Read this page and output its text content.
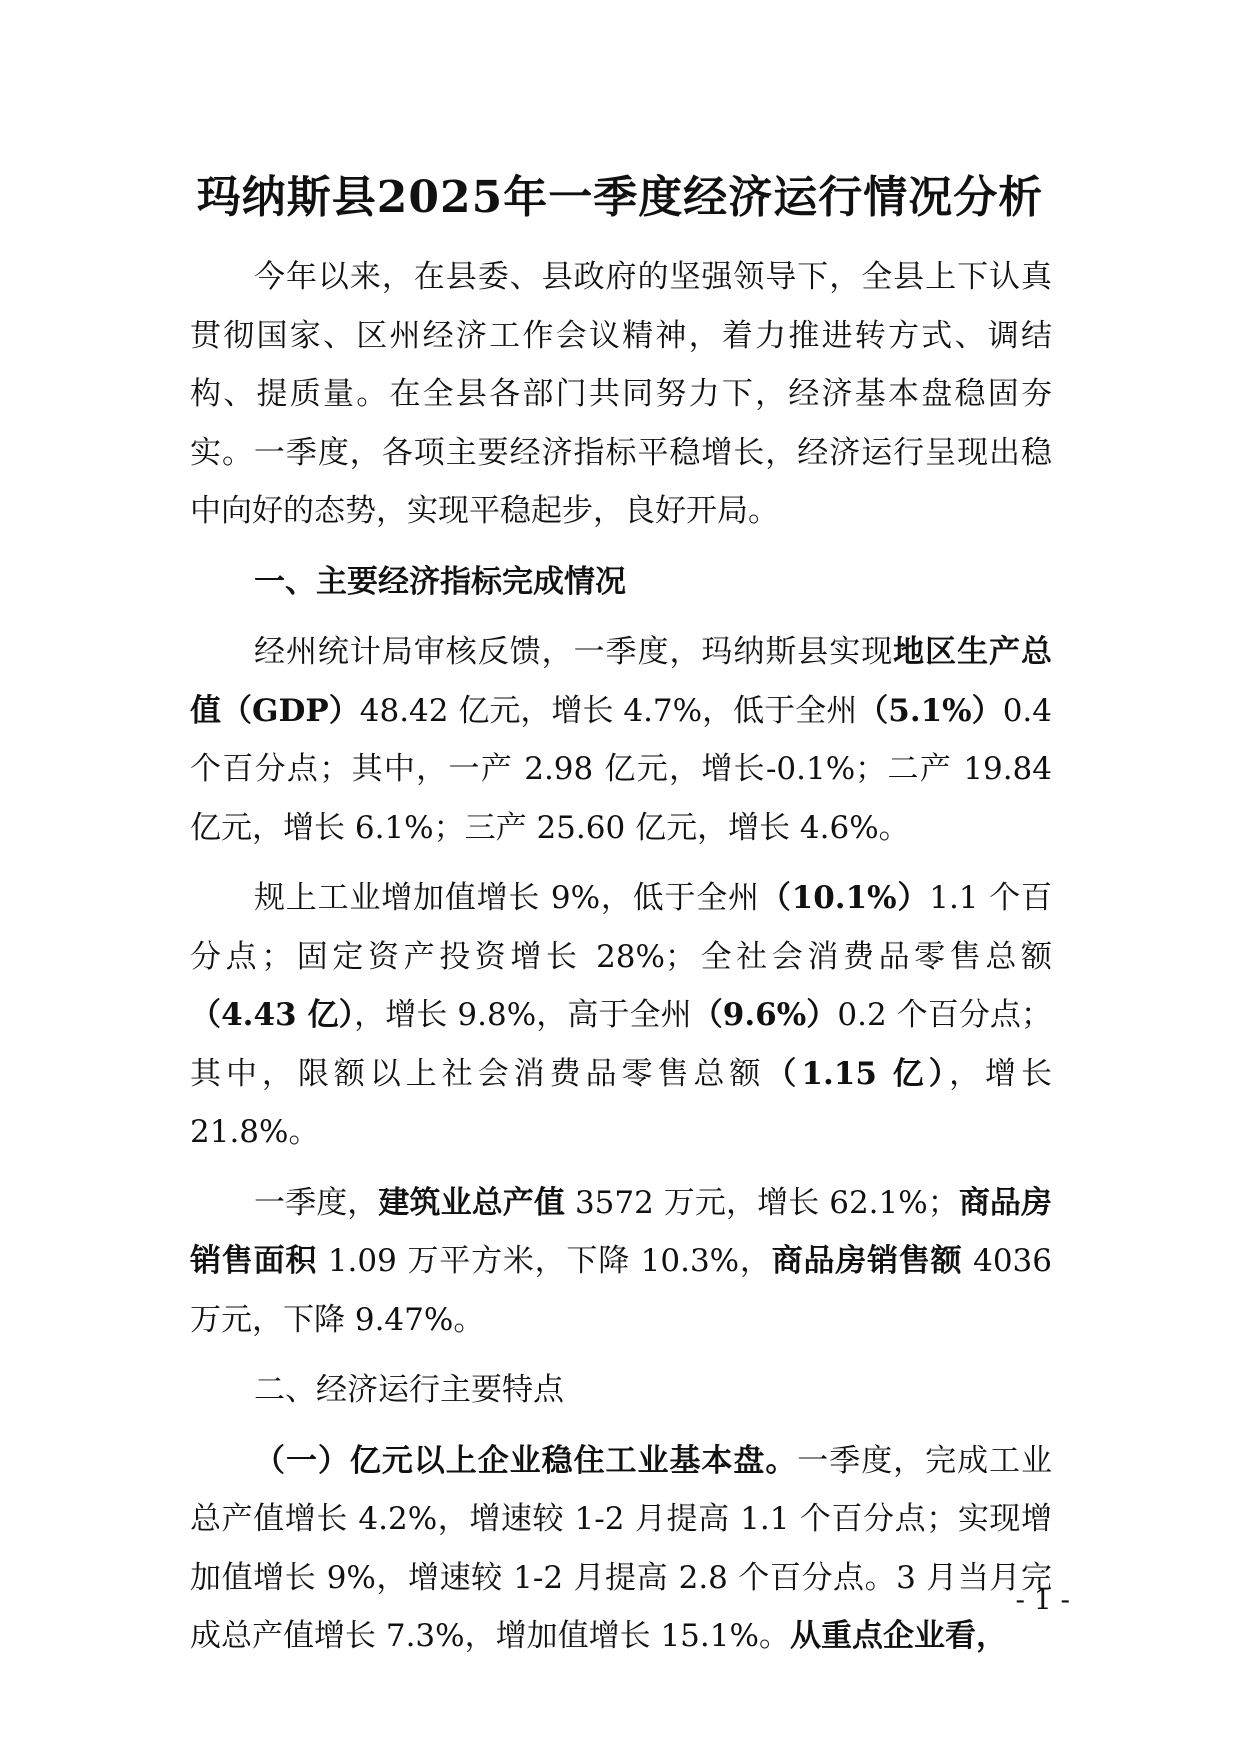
玛纳斯县2025年一季度经济运行情况分析

今年以来，在县委、县政府的坚强领导下，全县上下认真贯彻国家、区州经济工作会议精神，着力推进转方式、调结构、提质量。在全县各部门共同努力下，经济基本盘稳固夯实。一季度，各项主要经济指标平稳增长，经济运行呈现出稳中向好的态势，实现平稳起步，良好开局。

一、主要经济指标完成情况

经州统计局审核反馈，一季度，玛纳斯县实现地区生产总值（GDP）48.42 亿元，增长 4.7%，低于全州（5.1%）0.4 个百分点；其中，一产 2.98 亿元，增长-0.1%；二产 19.84 亿元，增长 6.1%；三产 25.60 亿元，增长 4.6%。

规上工业增加值增长 9%，低于全州（10.1%）1.1 个百分点；固定资产投资增长 28%；全社会消费品零售总额（4.43 亿），增长 9.8%，高于全州（9.6%）0.2 个百分点；其中，限额以上社会消费品零售总额（1.15 亿），增长 21.8%。

一季度，建筑业总产值 3572 万元，增长 62.1%；商品房销售面积 1.09 万平方米，下降 10.3%，商品房销售额 4036 万元，下降 9.47%。

二、经济运行主要特点

（一）亿元以上企业稳住工业基本盘。一季度，完成工业总产值增长 4.2%，增速较 1-2 月提高 1.1 个百分点；实现增加值增长 9%，增速较 1-2 月提高 2.8 个百分点。3 月当月完成总产值增长 7.3%，增加值增长 15.1%。从重点企业看，

- 1 -
